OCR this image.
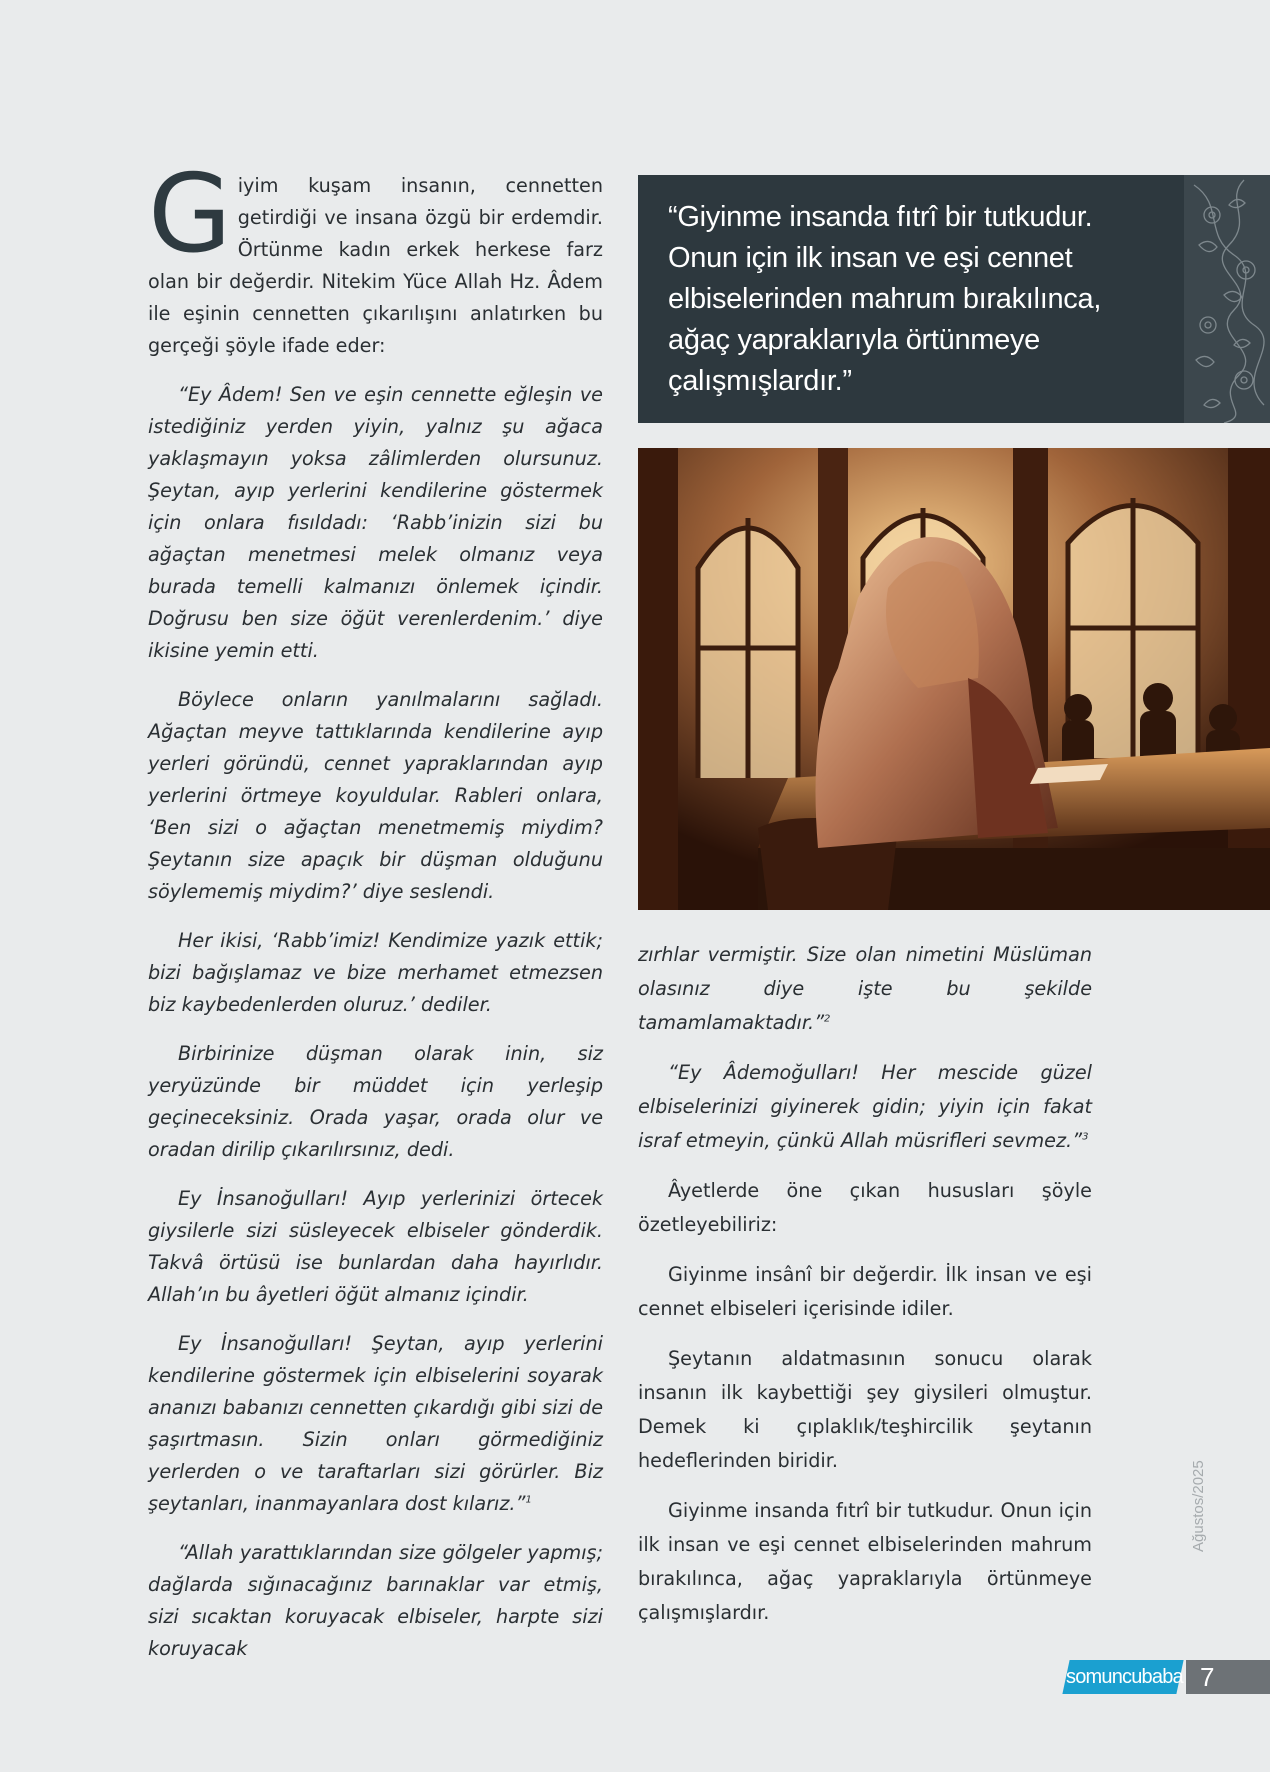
Giyim kuşam insanın, cennetten getirdiği ve insana özgü bir erdemdir. Örtünme kadın erkek herkese farz olan bir değerdir. Nitekim Yüce Allah Hz. Âdem ile eşinin cennetten çıkarılışını anlatırken bu gerçeği şöyle ifade eder:

“Ey Âdem! Sen ve eşin cennette eğleşin ve istediğiniz yerden yiyin, yalnız şu ağaca yaklaşmayın yoksa zâlimlerden olursunuz. Şeytan, ayıp yerlerini kendilerine göstermek için onlara fısıldadı: ‘Rabb’inizin sizi bu ağaçtan menetmesi melek olmanız veya burada temelli kalmanızı önlemek içindir. Doğrusu ben size öğüt verenlerdenim.’ diye ikisine yemin etti.

Böylece onların yanılmalarını sağladı. Ağaçtan meyve tattıklarında kendilerine ayıp yerleri göründü, cennet yapraklarından ayıp yerlerini örtmeye koyuldular. Rableri onlara, ‘Ben sizi o ağaçtan menetmemiş miydim? Şeytanın size apaçık bir düşman olduğunu söylememiş miydim?’ diye seslendi.

Her ikisi, ‘Rabb’imiz! Kendimize yazık ettik; bizi bağışlamaz ve bize merhamet etmezsen biz kaybedenlerden oluruz.’ dediler.

Birbirinize düşman olarak inin, siz yeryüzünde bir müddet için yerleşip geçineceksiniz. Orada yaşar, orada olur ve oradan dirilip çıkarılırsınız, dedi.

Ey İnsanoğulları! Ayıp yerlerinizi örtecek giysilerle sizi süsleyecek elbiseler gönderdik. Takvâ örtüsü ise bunlardan daha hayırlıdır. Allah’ın bu âyetleri öğüt almanız içindir.

Ey İnsanoğulları! Şeytan, ayıp yerlerini kendilerine göstermek için elbiselerini soyarak ananızı babanızı cennetten çıkardığı gibi sizi de şaşırtmasın. Sizin onları görmediğiniz yerlerden o ve taraftarları sizi görürler. Biz şeytanları, inanmayanlara dost kılarız.”$^1$

“Allah yarattıklarından size gölgeler yapmış; dağlarda sığınacağınız barınaklar var etmiş, sizi sıcaktan koruyacak elbiseler, harpte sizi koruyacak

“Giyinme insanda fıtrî bir tutkudur. Onun için ilk insan ve eşi cennet elbiselerinden mahrum bırakılınca, ağaç yapraklarıyla örtünmeye çalışmışlardır.”

zırhlar vermiştir. Size olan nimetini Müslüman olasınız diye işte bu şekilde tamamlamaktadır.”$^2$

“Ey Âdemoğulları! Her mescide güzel elbiselerinizi giyinerek gidin; yiyin için fakat israf etmeyin, çünkü Allah müsrifleri sevmez.”$^3$

Âyetlerde öne çıkan hususları şöyle özetleyebiliriz:

Giyinme insânî bir değerdir. İlk insan ve eşi cennet elbiseleri içerisinde idiler.

Şeytanın aldatmasının sonucu olarak insanın ilk kaybettiği şey giysileri olmuştur. Demek ki çıplaklık/teşhircilik şeytanın hedeflerinden biridir.

Giyinme insanda fıtrî bir tutkudur. Onun için ilk insan ve eşi cennet elbiselerinden mahrum bırakılınca, ağaç yapraklarıyla örtünmeye çalışmışlardır.

Ağustos/2025
somuncubaba 7
